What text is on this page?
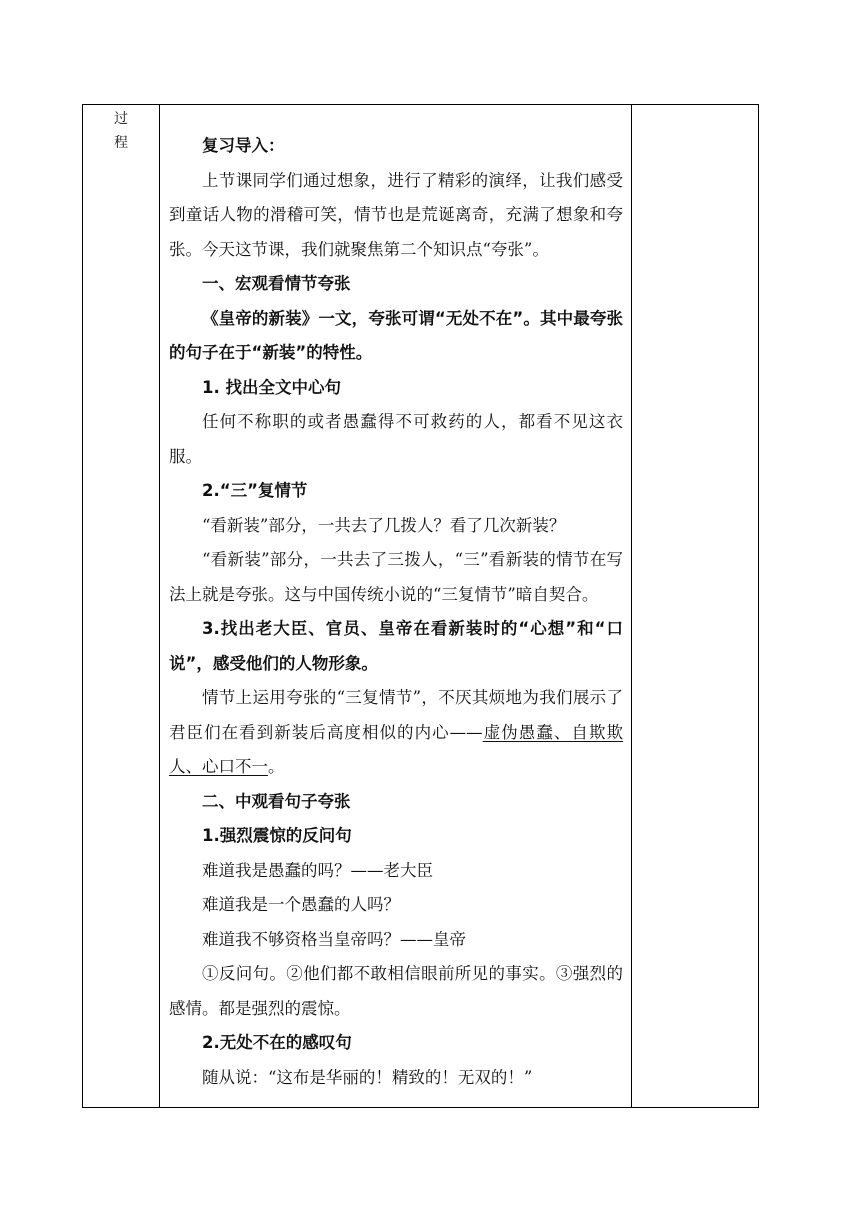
过程	复习导入：

上节课同学们通过想象，进行了精彩的演绎，让我们感受到童话人物的滑稽可笑，情节也是荒诞离奇，充满了想象和夸张。今天这节课，我们就聚焦第二个知识点“夸张”。

一、宏观看情节夸张

《皇帝的新装》一文，夸张可谓“无处不在”。其中最夸张的句子在于“新装”的特性。

1. 找出全文中心句

任何不称职的或者愚蠢得不可救药的人，都看不见这衣服。

2.“三”复情节

“看新装”部分，一共去了几拨人？看了几次新装？

“看新装”部分，一共去了三拨人，“三”看新装的情节在写法上就是夸张。这与中国传统小说的“三复情节”暗自契合。

3.找出老大臣、官员、皇帝在看新装时的“心想”和“口说”，感受他们的人物形象。

情节上运用夸张的“三复情节”，不厌其烦地为我们展示了君臣们在看到新装后高度相似的内心——虚伪愚蠢、自欺欺人、心口不一。

二、中观看句子夸张

1.强烈震惊的反问句

难道我是愚蠢的吗？——老大臣

难道我是一个愚蠢的人吗？

难道我不够资格当皇帝吗？——皇帝

①反问句。②他们都不敢相信眼前所见的事实。③强烈的感情。都是强烈的震惊。

2.无处不在的感叹句

随从说：“这布是华丽的！精致的！无双的！”
